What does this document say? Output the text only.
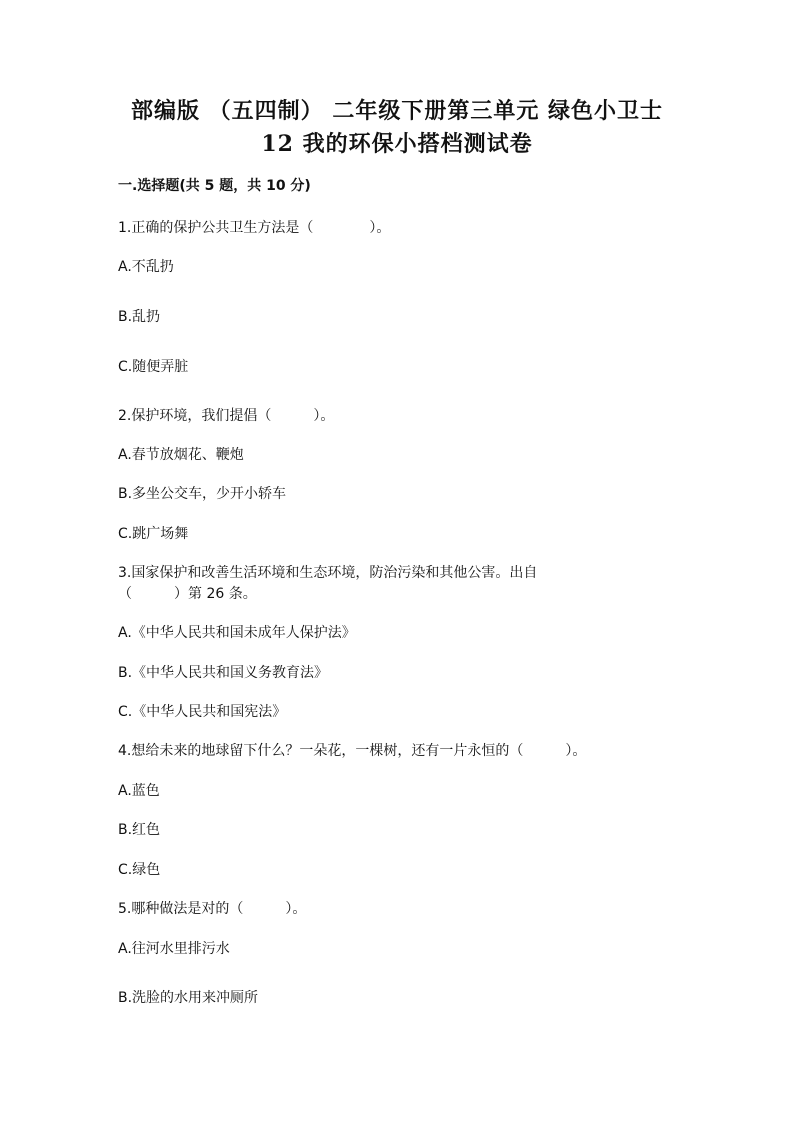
部编版 （五四制） 二年级下册第三单元 绿色小卫士
12 我的环保小搭档测试卷
一.选择题(共 5 题，共 10 分)
1.正确的保护公共卫生方法是（　　　　）。
A.不乱扔
B.乱扔
C.随便弄脏
2.保护环境，我们提倡（　　　）。
A.春节放烟花、鞭炮
B.多坐公交车，少开小轿车
C.跳广场舞
3.国家保护和改善生活环境和生态环境，防治污染和其他公害。出自
（　　　）第 26 条。
A.《中华人民共和国未成年人保护法》
B.《中华人民共和国义务教育法》
C.《中华人民共和国宪法》
4.想给未来的地球留下什么？一朵花，一棵树，还有一片永恒的（　　　）。
A.蓝色
B.红色
C.绿色
5.哪种做法是对的（　　　）。
A.往河水里排污水
B.洗脸的水用来冲厕所
